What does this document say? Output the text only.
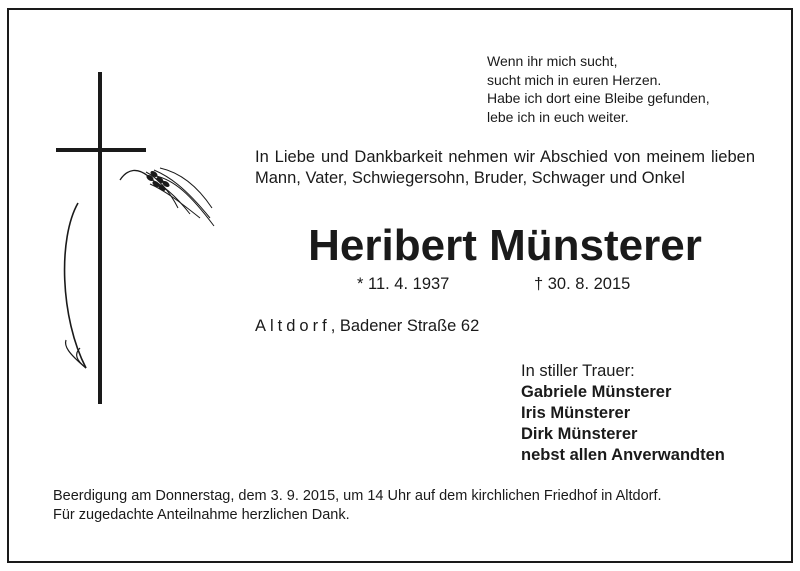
Wenn ihr mich sucht,
sucht mich in euren Herzen.
Habe ich dort eine Bleibe gefunden,
lebe ich in euch weiter.
In Liebe und Dankbarkeit nehmen wir Abschied von meinem lieben Mann, Vater, Schwiegersohn, Bruder, Schwager und Onkel
Heribert Münsterer
* 11. 4. 1937	† 30. 8. 2015
Altdorf, Badener Straße 62
In stiller Trauer:
Gabriele Münsterer
Iris Münsterer
Dirk Münsterer
nebst allen Anverwandten
Beerdigung am Donnerstag, dem 3. 9. 2015, um 14 Uhr auf dem kirchlichen Friedhof in Altdorf.
Für zugedachte Anteilnahme herzlichen Dank.
